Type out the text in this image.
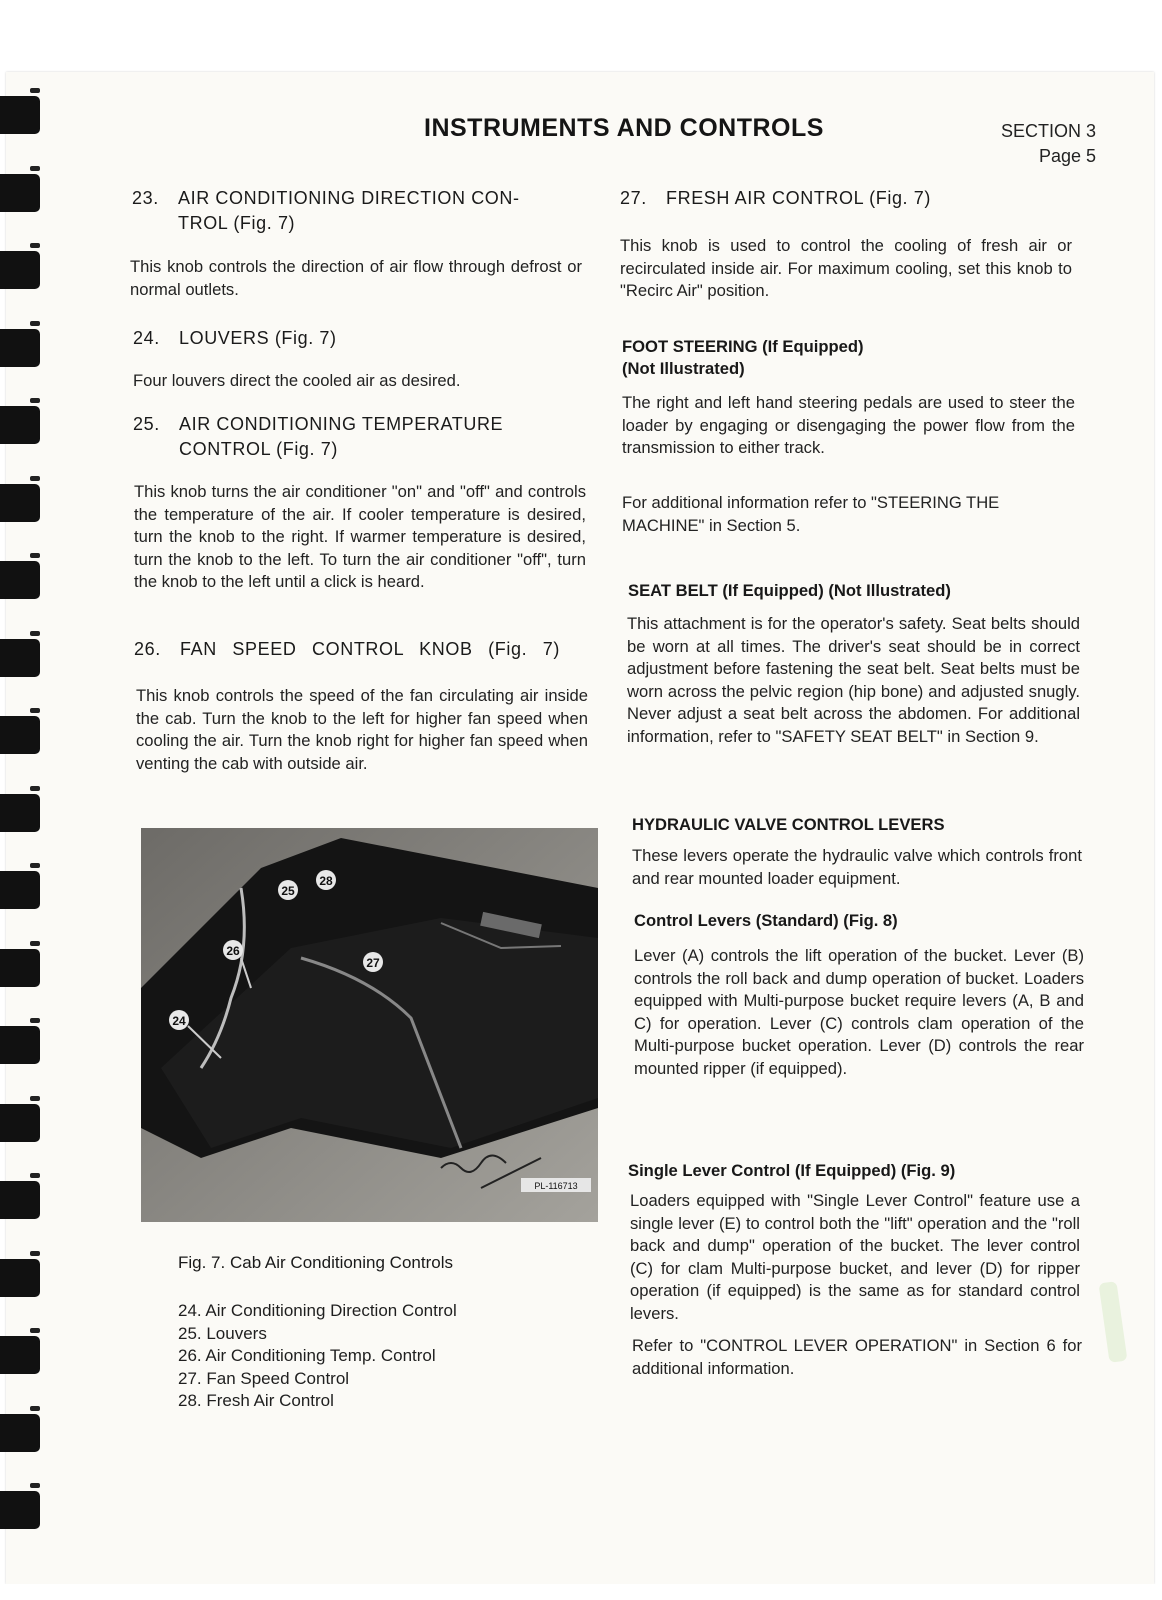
INSTRUMENTS AND CONTROLS	SECTION 3
Page 5
23. AIR CONDITIONING DIRECTION CON-
TROL (Fig. 7)

This knob controls the direction of air flow through defrost or normal outlets.

24. LOUVERS (Fig. 7)

Four louvers direct the cooled air as desired.

25. AIR CONDITIONING TEMPERATURE
CONTROL (Fig. 7)

This knob turns the air conditioner "on" and "off" and controls the temperature of the air. If cooler temperature is desired, turn the knob to the right. If warmer temperature is desired, turn the knob to the left. To turn the air conditioner "off", turn the knob to the left until a click is heard.

26. FAN SPEED CONTROL KNOB (Fig. 7)

This knob controls the speed of the fan circulating air inside the cab. Turn the knob to the left for higher fan speed when cooling the air. Turn the knob right for higher fan speed when venting the cab with outside air.

25
28
27
24
26
PL-116713
Fig. 7. Cab Air Conditioning Controls
24. Air Conditioning Direction Control
25. Louvers
26. Air Conditioning Temp. Control
27. Fan Speed Control
28. Fresh Air Control
27. FRESH AIR CONTROL (Fig. 7)

This knob is used to control the cooling of fresh air or recirculated inside air. For maximum cooling, set this knob to "Recirc Air" position.

FOOT STEERING (If Equipped)
(Not Illustrated)

The right and left hand steering pedals are used to steer the loader by engaging or disengaging the power flow from the transmission to either track.

For additional information refer to "STEERING THE MACHINE" in Section 5.

SEAT BELT (If Equipped) (Not Illustrated)

This attachment is for the operator's safety. Seat belts should be worn at all times. The driver's seat should be in correct adjustment before fastening the seat belt. Seat belts must be worn across the pelvic region (hip bone) and adjusted snugly. Never adjust a seat belt across the abdomen. For additional information, refer to "SAFETY SEAT BELT" in Section 9.

HYDRAULIC VALVE CONTROL LEVERS

These levers operate the hydraulic valve which controls front and rear mounted loader equipment.

Control Levers (Standard) (Fig. 8)

Lever (A) controls the lift operation of the bucket. Lever (B) controls the roll back and dump operation of bucket. Loaders equipped with Multi-purpose bucket require levers (A, B and C) for operation. Lever (C) controls clam operation of the Multi-purpose bucket operation. Lever (D) controls the rear mounted ripper (if equipped).

Single Lever Control (If Equipped) (Fig. 9)

Loaders equipped with "Single Lever Control" feature use a single lever (E) to control both the "lift" operation and the "roll back and dump" operation of the bucket. The lever control (C) for clam Multi-purpose bucket, and lever (D) for ripper operation (if equipped) is the same as for standard control levers.

Refer to "CONTROL LEVER OPERATION" in Section 6 for additional information.
